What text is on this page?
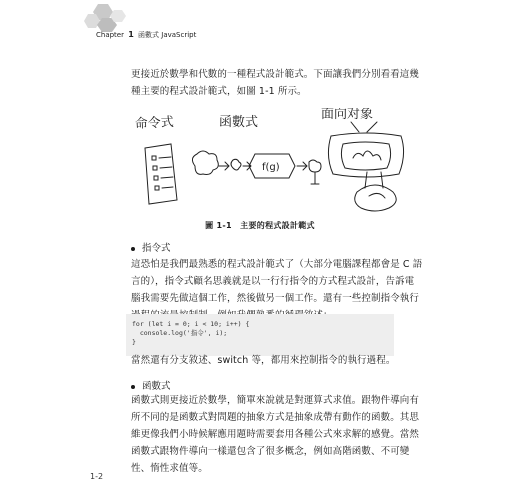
Chapter 1 函數式 JavaScript
更接近於數學和代數的一種程式設計範式。下面讓我們分別看看這幾種主要的程式設計範式，如圖 1-1 所示。
命令式	函數式
面向对象
f(g)
圖 1-1　主要的程式設計範式
指令式
這恐怕是我們最熟悉的程式設計範式了（大部分電腦課程都會是 C 語言的），指令式顧名思義就是以一行行指令的方式程式設計，告訴電腦我需要先做這個工作，然後做另一個工作。還有一些控制指令執行
for (let i = 0; i < 10; i++) {
console.log('指令', i);
}
當然還有分支敘述、switch 等，都用來控制指令的執行過程。
函數式
函數式則更接近於數學，簡單來說就是對運算式求值。跟物件導向有所不同的是函數式對問題的抽象方式是抽象成帶有動作的函數。其思維更像我們小時候解應用題時需要套用各種公式來求解的感覺。當然函數式跟物件導向一樣還包含了很多概念，例如高階函數、不可變性、惰性求值等。
1-2
